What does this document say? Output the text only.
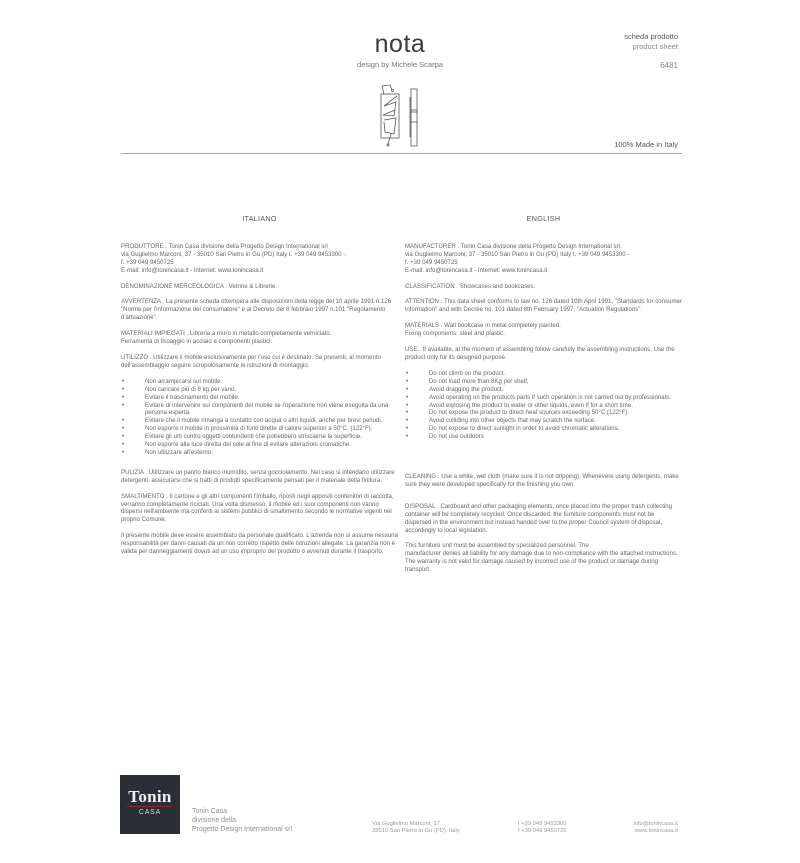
nota
design by Michele Scarpa
scheda prodotto
product sheet
6481
100% Made in Italy
ITALIANO

PRODUTTORE . Tonin Casa divisione della Progetto Design International srl
via Guglielmo Marconi, 37 - 35010 San Pietro in Gu (PD) Italy t. +39 049 9453300 -
f. +39 049 9450725
E-mail: info@tonincasa.it - Internet: www.tonincasa.it

DENOMINAZIONE MERCEOLOGICA . Vetrine & Librerie.

AVVERTENZA . La presente scheda ottempera alle disposizioni della legge del 10 aprile 1991 n.126 "Norme per l'informazione del consumatore" e al Decreto del 8 febbraio 1997 n.101 "Regolamento d'attuazione".

MATERIALI IMPIEGATI . Libreria a muro in metallo completamente verniciato.
Ferramenta di fissaggio in acciaio e componenti plastici.

UTILIZZO . Utilizzare il mobile esclusivamente per l'uso cui è destinato. Se presenti, al momento dell'assemblaggio seguire scrupolosamente le istruzioni di montaggio.

• Non arrampicarsi sul mobile.
• Non caricare più di 8 kg per vano.
• Evitare il trascinamento del mobile.
• Evitare di intervenire sui componenti del mobile se l'operazione non viene eseguita da una persona esperta.
• Evitare che il mobile rimanga a contatto con acqua o altri liquidi, anche per brevi periodi.
• Non esporre il mobile in prossimità di fonti dirette di calore superiori a 50°C. (122°F).
• Evitare gli urti contro oggetti contundenti che potrebbero strisciarne la superficie.
• Non esporre alla luce diretta del sole al fine di evitare alterazioni cromatiche.
• Non utilizzare all'esterno.

PULIZIA . Utilizzare un panno bianco inumidito, senza gocciolamento. Nel caso si intendano utilizzare detergenti, assicurarsi che si tratti di prodotti specificamente pensati per il materiale della finitura.

SMALTIMENTO . Il cartone e gli altri componenti l'imballo, riposti negli appositi contenitori di raccolta, verranno completamente riciclati. Una volta dismesso, il mobile ed i suoi componenti non vanno dispersi nell'ambiente ma conferiti ai sistemi pubblici di smaltimento secondo le normative vigenti nel proprio Comune.

Il presente mobile deve essere assemblato da personale qualificato. L'azienda non si assume nessuna responsabilità per danni causati da un non corretto rispetto delle istruzioni allegate. La garanzia non è valida per danneggiamenti dovuti ad un uso improprio del prodotto o avvenuti durante il trasporto.

ENGLISH

MANUFACTURER . Tonin Casa divisione della Progetto Design International srl
via Guglielmo Marconi, 37 - 35010 San Pietro in Gu (PD) Italy t. +39 049 9453300 -
f. +39 049 9450725
E-mail: info@tonincasa.it - Internet: www.tonincasa.it

CLASSIFICATION . Showcases and bookcases.

ATTENTION . This data sheet conforms to law no. 126 dated 10th April 1991, "Standards for consumer information" and with Decree no. 101 dated 8th February 1997, "Actuation Regulations".

MATERIALS . Wall bookcase in metal completely painted.
Fixing components: steel and plastic.

USE . If available, at the moment of assembling follow carefully the assembling instructions. Use the product only for its designed purpose.

• Do not climb on the product.
• Do not load more than 8Kg per shelf.
• Avoid dragging the product.
• Avoid operating on the products parts if such operation is not carried out by professionals.
• Avoid exposing the product to water or other liquids, even if for a short time.
• Do not expose the product to direct heat sources exceeding 50°C (122°F).
• Avoid colliding into other objects that may scratch the surface.
• Do not expose to direct sunlight in order to avoid chromatic alterations.
• Do not use outdoors

CLEANING . Use a white, wet cloth (make sure it is not dripping). Whenevere using detergents, make sure they were developed specifically for the finishing you own.

DISPOSAL . Cardboard and other packaging elements, once placed into the proper trash collecting container will be completely recycled. Once discarded, the furniture components must not be dispersed in the environment but instead handed over to the proper Council system of disposal, accordingly to local legislation.

This furniture unit must be assembled by specialized personnel. The
manufacturer denies all liability for any damage due to non-compliance with the attached instructions. The warranty is not valid for damage caused by incorrect use of the product or damage during transport.

Tonin
CASA	Tonin Casa
divisione della
Progetto Design International srl
Via Guglielmo Marconi, 37
35010 San Pietro in Gu (PD), Italy
t +39 049 9453300
f +39 049 9450725
info@tonincasa.it
www.tonincasa.it
